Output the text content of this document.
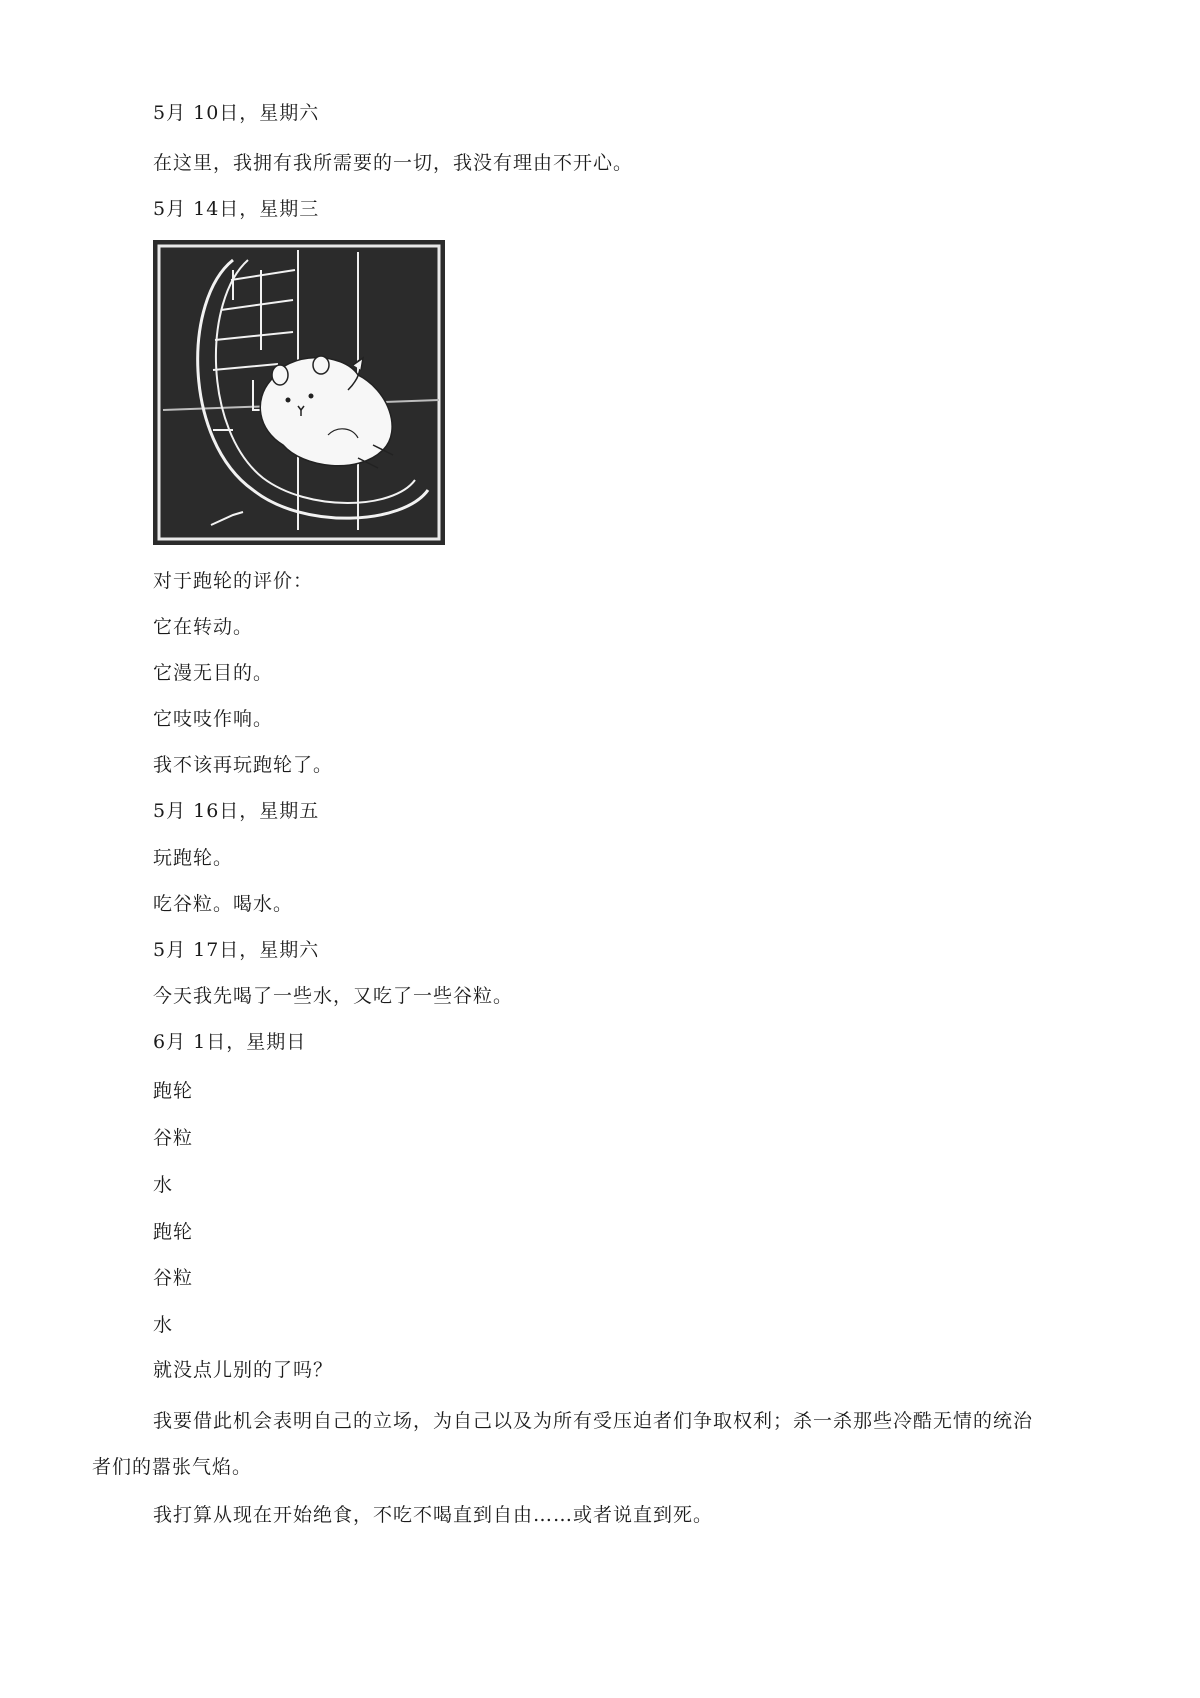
5月 10日，星期六
在这里，我拥有我所需要的一切，我没有理由不开心。
5月 14日，星期三
对于跑轮的评价：
它在转动。
它漫无目的。
它吱吱作响。
我不该再玩跑轮了。
5月 16日，星期五
玩跑轮。
吃谷粒。喝水。
5月 17日，星期六
今天我先喝了一些水，又吃了一些谷粒。
6月 1日，星期日
跑轮
谷粒
水
跑轮
谷粒
水
就没点儿别的了吗？
我要借此机会表明自己的立场，为自己以及为所有受压迫者们争取权利；杀一杀那些冷酷无情的统治
者们的嚣张气焰。
我打算从现在开始绝食，不吃不喝直到自由……或者说直到死。
